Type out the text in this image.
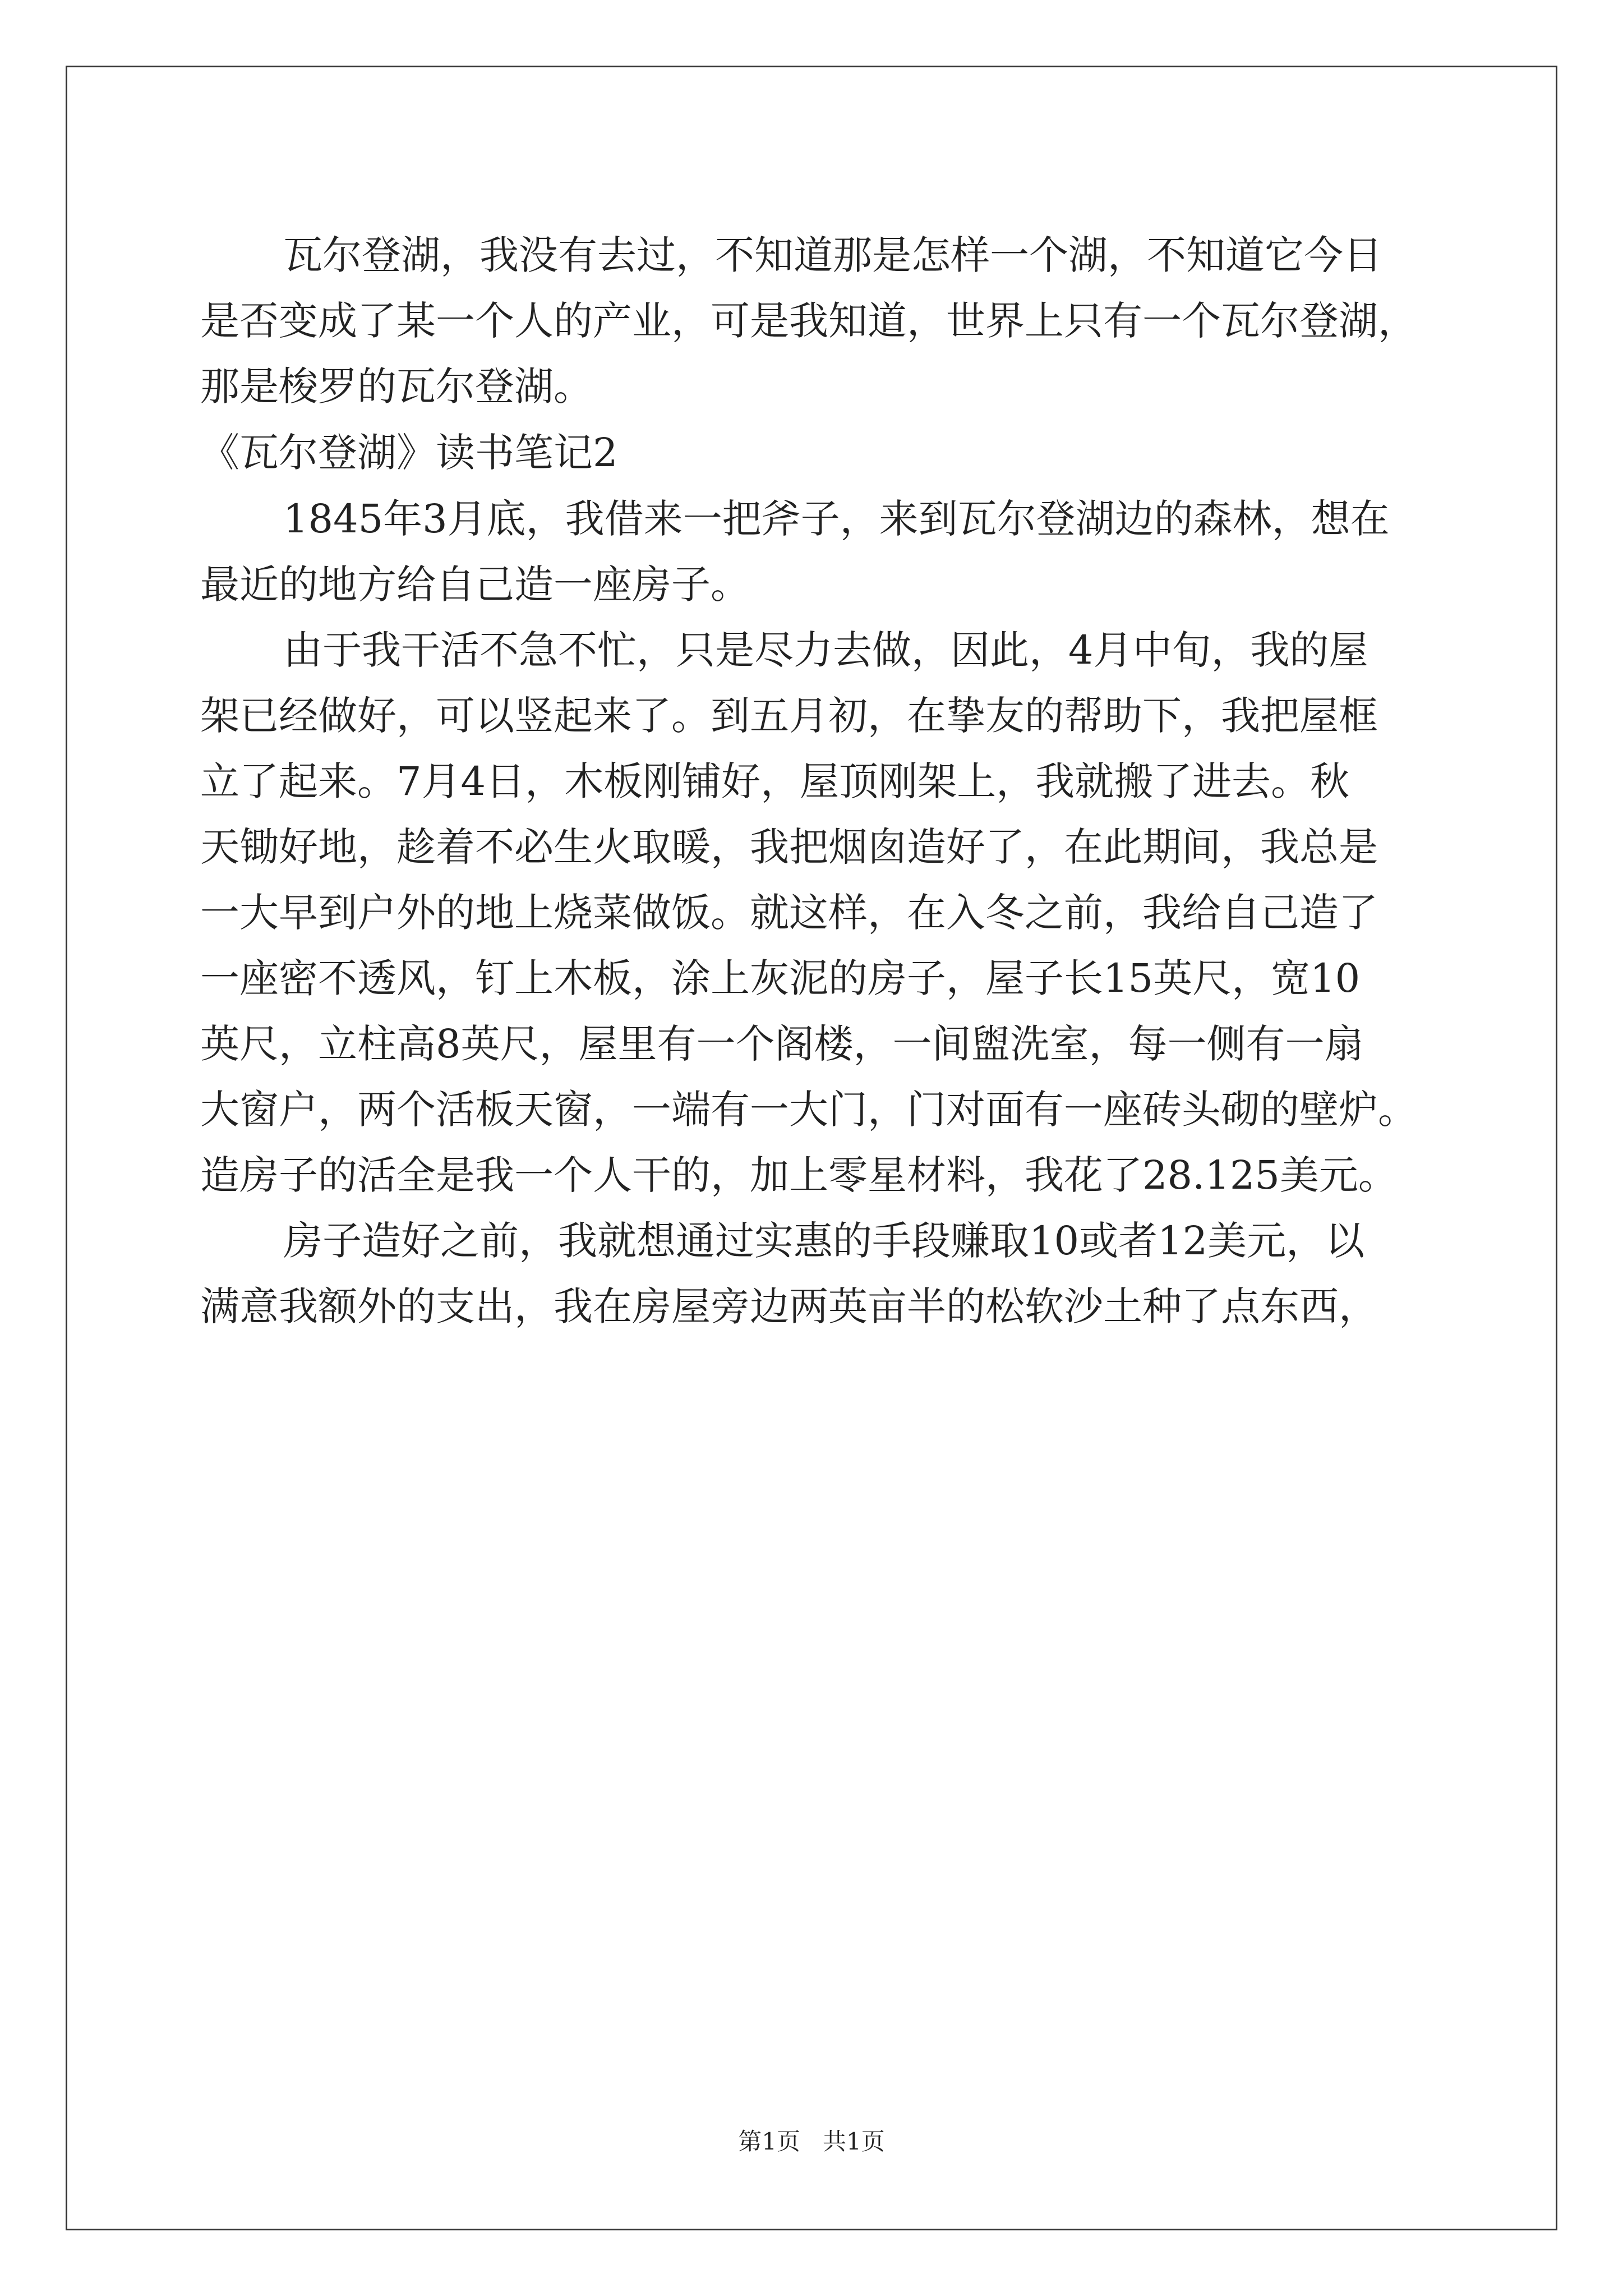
瓦尔登湖，我没有去过，不知道那是怎样一个湖，不知道它今日
是否变成了某一个人的产业，可是我知道，世界上只有一个瓦尔登湖，
那是梭罗的瓦尔登湖。
《瓦尔登湖》读书笔记2
1845年3月底，我借来一把斧子，来到瓦尔登湖边的森林，想在
最近的地方给自己造一座房子。
由于我干活不急不忙，只是尽力去做，因此，4月中旬，我的屋
架已经做好，可以竖起来了。到五月初，在挚友的帮助下，我把屋框
立了起来。7月4日，木板刚铺好，屋顶刚架上，我就搬了进去。秋
天锄好地，趁着不必生火取暖，我把烟囱造好了，在此期间，我总是
一大早到户外的地上烧菜做饭。就这样，在入冬之前，我给自己造了
一座密不透风，钉上木板，涂上灰泥的房子，屋子长15英尺，宽10
英尺，立柱高8英尺，屋里有一个阁楼，一间盥洗室，每一侧有一扇
大窗户，两个活板天窗，一端有一大门，门对面有一座砖头砌的壁炉。
造房子的活全是我一个人干的，加上零星材料，我花了28.125美元。
房子造好之前，我就想通过实惠的手段赚取10或者12美元，以
满意我额外的支出，我在房屋旁边两英亩半的松软沙土种了点东西，
第1页   共1页
